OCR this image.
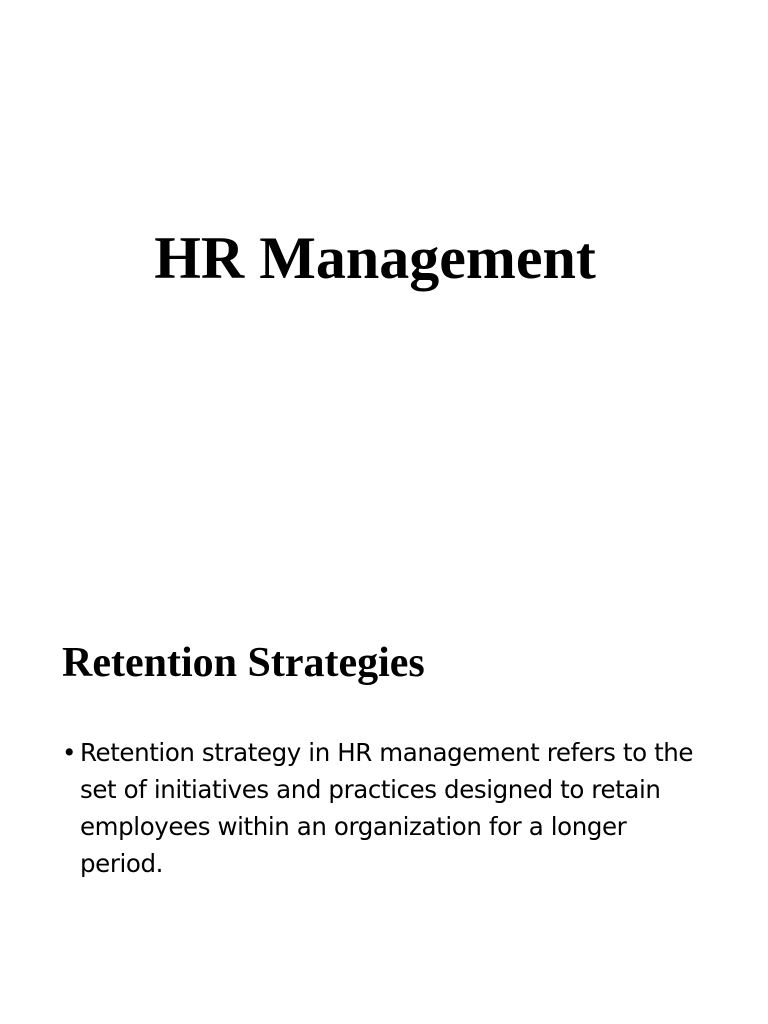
HR Management
Retention Strategies
• Retention strategy in HR management refers to the set of initiatives and practices designed to retain employees within an organization for a longer period.
